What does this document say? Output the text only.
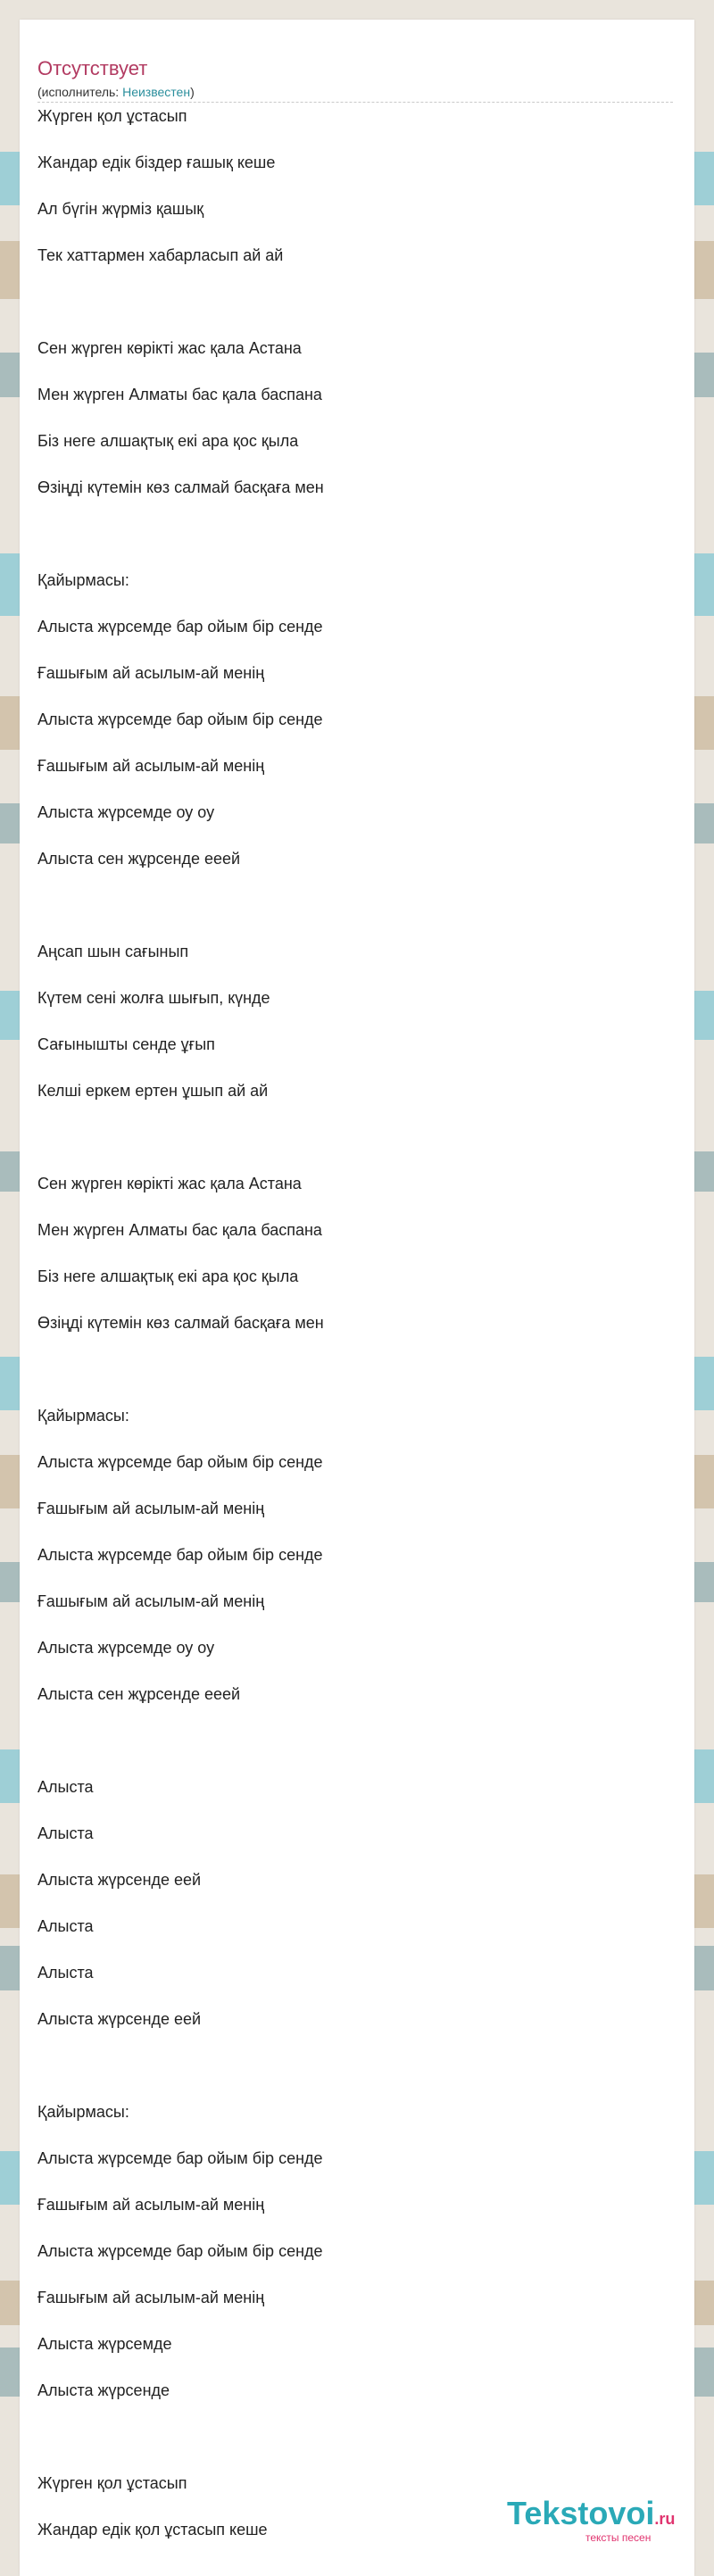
Отсутствует
(исполнитель: Неизвестен)
Жүрген қол ұстасып
Жандар едік біздер ғашық кеше
Ал бүгін жүрміз қашық
Тек хаттармен хабарласып ай ай
Сен жүрген көрікті жас қала Астана
Мен жүрген Алматы бас қала баспана
Біз неге алшақтық екі ара қос қыла
Өзіңді күтемін көз салмай басқаға мен
Қайырмасы:
Алыста жүрсемде бар ойым бір сенде
Ғашығым ай асылым-ай менің
Алыста жүрсемде бар ойым бір сенде
Ғашығым ай асылым-ай менің
Алыста жүрсемде оу оу
Алыста сен жұрсенде ееей
Аңсап шын сағынып
Күтем сені жолға шығып, күнде
Сағынышты сенде ұғып
Келші еркем ертен ұшып ай ай
Сен жүрген көрікті жас қала Астана
Мен жүрген Алматы бас қала баспана
Біз неге алшақтық екі ара қос қыла
Өзіңді күтемін көз салмай басқаға мен
Қайырмасы:
Алыста жүрсемде бар ойым бір сенде
Ғашығым ай асылым-ай менің
Алыста жүрсемде бар ойым бір сенде
Ғашығым ай асылым-ай менің
Алыста жүрсемде оу оу
Алыста сен жұрсенде ееей
Алыста
Алыста
Алыста жүрсенде еей
Алыста
Алыста
Алыста жүрсенде еей
Қайырмасы:
Алыста жүрсемде бар ойым бір сенде
Ғашығым ай асылым-ай менің
Алыста жүрсемде бар ойым бір сенде
Ғашығым ай асылым-ай менің
Алыста жүрсемде
Алыста жүрсенде
Жүрген қол ұстасып
Жандар едік қол ұстасып кеше	Tekstovoi.ru
тексты песен
